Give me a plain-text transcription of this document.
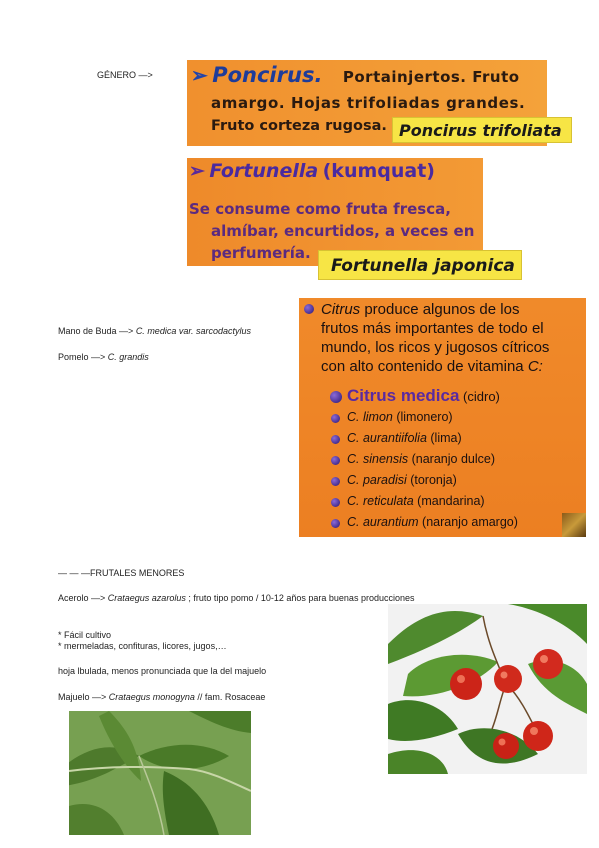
GÉNERO —> ➢ Poncirus. Portainjertos. Fruto
amargo. Hojas trifoliadas grandes.
Fruto corteza rugosa. Poncirus trifoliata
➢ Fortunella (kumquat)
Se consume como fruta fresca,
almíbar, encurtidos, a veces en
perfumería.
Fortunella japonica
Mano de Buda —> C. medica var. sarcodactylus
Pomelo —> C. grandis
Citrus produce algunos de los
frutos más importantes de todo el
mundo, los ricos y jugosos cítricos
con alto contenido de vitamina C:
Citrus medica (cidro)
C. limon (limonero)
C. aurantiifolia (lima)
C. sinensis (naranjo dulce)
C. paradisi (toronja)
C. reticulata (mandarina)
C. aurantium (naranjo amargo)
— — —FRUTALES MENORES
Acerolo —> Crataegus azarolus ; fruto tipo pomo / 10-12 años para buenas producciones
* Fácil cultivo
* mermeladas, confituras, licores, jugos,…
hoja lbulada, menos pronunciada que la del majuelo
Majuelo —> Crataegus monogyna // fam. Rosaceae
